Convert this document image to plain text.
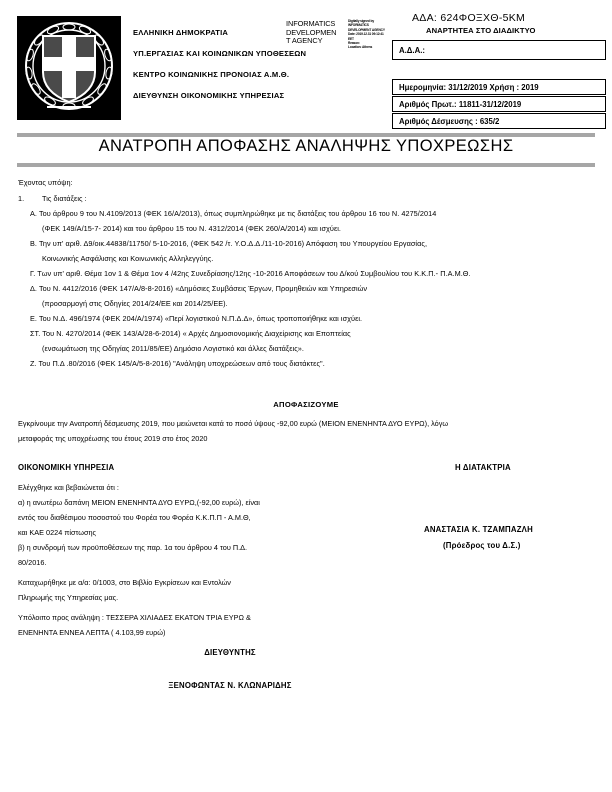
ΕΛΛΗΝΙΚΗ ΔΗΜΟΚΡΑΤΙΑ
ΥΠ.ΕΡΓΑΣΙΑΣ ΚΑΙ ΚΟΙΝΩΝΙΚΩΝ ΥΠΟΘΕΣΕΩΝ
ΚΕΝΤΡΟ ΚΟΙΝΩΝΙΚΗΣ ΠΡΟΝΟΙΑΣ Α.Μ.Θ.
ΔΙΕΥΘΥΝΣΗ ΟΙΚΟΝΟΜΙΚΗΣ ΥΠΗΡΕΣΙΑΣ
INFORMATICS
DEVELOPMEN
T AGENCY
Digitally signed by
INFORMATICS
DEVELOPMENT AGENCY
Date: 2019.12.31 09:12:41
EET
Reason:
Location: Athens
ΑΔΑ: 624ΦΟΞΧΘ-5ΚΜ
ΑΝΑΡΤΗΤΕΑ ΣΤΟ ΔΙΑΔΙΚΤΥΟ
Α.Δ.Α.:
Ημερομηνία: 31/12/2019 Χρήση : 2019
Αριθμός Πρωτ.: 11811-31/12/2019
Αριθμός Δέσμευσης : 635/2
ΑΝΑΤΡΟΠΗ ΑΠΟΦΑΣΗΣ ΑΝΑΛΗΨΗΣ ΥΠΟΧΡΕΩΣΗΣ
Έχοντας υπόψη:
1. Τις διατάξεις :
Α. Του άρθρου 9 του Ν.4109/2013 (ΦΕΚ 16/Α/2013), όπως συμπληρώθηκε με τις διατάξεις του άρθρου 16 του Ν. 4275/2014
(ΦΕΚ 149/Α/15-7- 2014) και του άρθρου 15 του Ν. 4312/2014 (ΦΕΚ 260/Α/2014) και ισχύει.
Β. Την υπ' αριθ. Δ9/οικ.44838/11750/ 5-10-2016, (ΦΕΚ 542 /τ. Υ.Ο.Δ.Δ./11-10-2016) Απόφαση του Υπουργείου Εργασίας,
Κοινωνικής Ασφάλισης και Κοινωνικής Αλληλεγγύης.
Γ. Των υπ' αριθ. Θέμα 1ον 1 & Θέμα 1ον 4 /42ης Συνεδρίασης/12ης -10-2016 Αποφάσεων του Δ/κού Συμβουλίου του Κ.Κ.Π.- Π.Α.Μ.Θ.
Δ. Του Ν. 4412/2016 (ΦΕΚ 147/Α/8-8-2016) «Δημόσιες Συμβάσεις Έργων, Προμηθειών και Υπηρεσιών
(προσαρμογή στις Οδηγίες 2014/24/ΕΕ και 2014/25/ΕΕ).
Ε. Του Ν.Δ. 496/1974 (ΦΕΚ 204/Α/1974) «Περί λογιστικού Ν.Π.Δ.Δ», όπως τροποποιήθηκε και ισχύει.
ΣΤ. Του Ν. 4270/2014 (ΦΕΚ 143/Α/28-6-2014) « Αρχές Δημοσιονομικής Διαχείρισης και Εποπτείας
(ενσωμάτωση της Οδηγίας 2011/85/ΕΕ) Δημόσιο Λογιστικό και άλλες διατάξεις».
Ζ. Του Π.Δ .80/2016 (ΦΕΚ 145/Α/5-8-2016) "Ανάληψη υποχρεώσεων από τους διατάκτες".
ΑΠΟΦΑΣΙΖΟΥΜΕ
Εγκρίνουμε την Ανατροπή δέσμευσης 2019, που μειώνεται κατά το ποσό ύψους -92,00 ευρώ (ΜΕΙΟΝ ΕΝΕΝΗΝΤΑ ΔΥΟ ΕΥΡΩ), λόγω
μεταφοράς της υποχρέωσης του έτους 2019 στο έτος 2020
ΟΙΚΟΝΟΜΙΚΗ ΥΠΗΡΕΣΙΑ	Η ΔΙΑΤΑΚΤΡΙΑ
Ελέγχθηκε και βεβαιώνεται ότι :
α) η ανωτέρω δαπάνη ΜΕΙΟΝ ΕΝΕΝΗΝΤΑ ΔΥΟ ΕΥΡΩ,(-92,00 ευρώ), είναι
εντός του διαθέσιμου ποσοστού του Φορέα του Φορέα Κ.Κ.Π.Π - Α.Μ.Θ,
και ΚΑΕ 0224 πίστωσης
β) η συνδρομή των προϋποθέσεων της παρ. 1α του άρθρου 4 του Π.Δ.
80/2016.
Καταχωρήθηκε με α/α: 0/1003, στο Βιβλίο Εγκρίσεων και Εντολών
Πληρωμής της Υπηρεσίας μας.
Υπόλοιπο προς ανάληψη : ΤΕΣΣΕΡΑ ΧΙΛΙΑΔΕΣ ΕΚΑΤΟΝ ΤΡΙΑ ΕΥΡΩ &
ΕΝΕΝΗΝΤΑ ΕΝΝΕΑ ΛΕΠΤΑ ( 4.103,99 ευρώ)
ΑΝΑΣΤΑΣΙΑ Κ. ΤΖΑΜΠΑΖΛΗ
(Πρόεδρος του Δ.Σ.)
ΔΙΕΥΘΥΝΤΗΣ
ΞΕΝΟΦΩΝΤΑΣ Ν. ΚΛΩΝΑΡΙΔΗΣ
